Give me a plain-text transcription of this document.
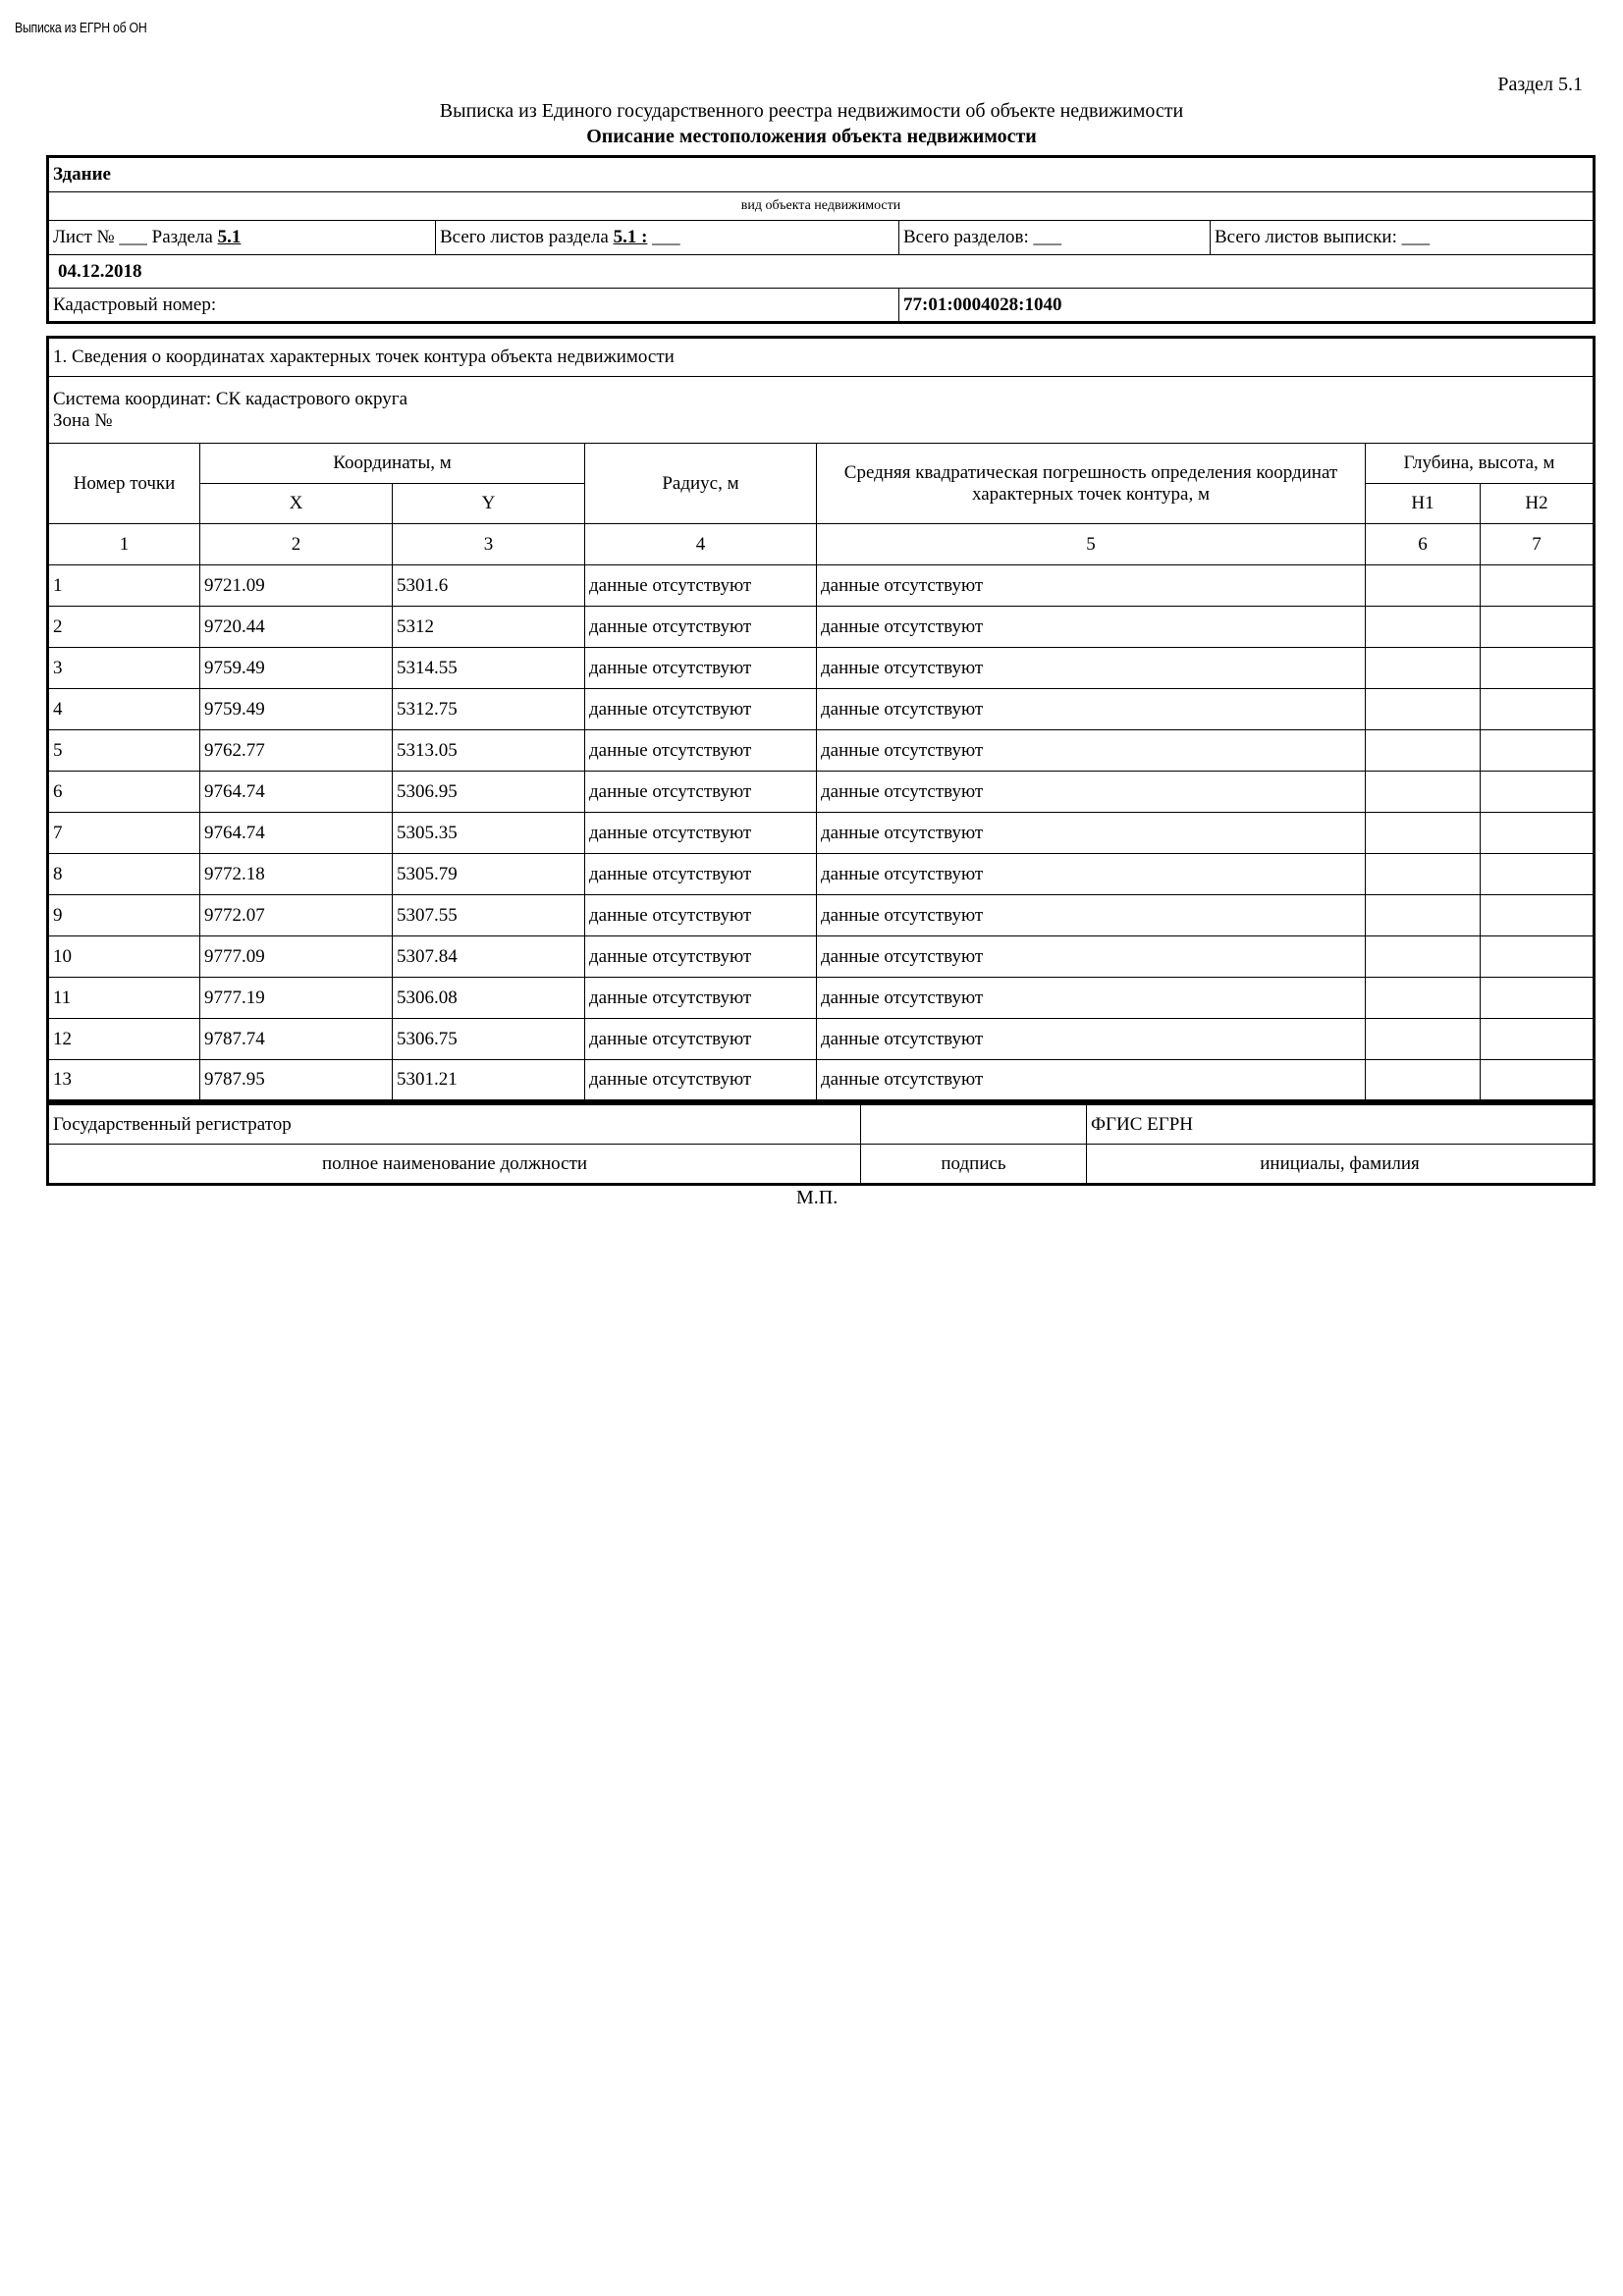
Выписка из ЕГРН об ОН
Раздел 5.1
Выписка из Единого государственного реестра недвижимости об объекте недвижимости
Описание местоположения объекта недвижимости
Здание			
вид объекта недвижимости			
Лист № ___ Раздела 5.1	Всего листов раздела 5.1 : ___	Всего разделов: ___	Всего листов выписки: ___
04.12.2018			
Кадастровый номер:		77:01:0004028:1040	
1. Сведения о координатах характерных точек контура объекта недвижимости						

Система координат: СК кадастрового округа
Зона №						

Номер точки	Координаты, м		Радиус, м	Средняя квадратическая погрешность определения координат характерных точек контура, м	Глубина, высота, м	
	X	Y			H1	H2
1	2	3	4	5	6	7
1	9721.09	5301.6	данные отсутствуют	данные отсутствуют		
2	9720.44	5312	данные отсутствуют	данные отсутствуют		
3	9759.49	5314.55	данные отсутствуют	данные отсутствуют		
4	9759.49	5312.75	данные отсутствуют	данные отсутствуют		
5	9762.77	5313.05	данные отсутствуют	данные отсутствуют		
6	9764.74	5306.95	данные отсутствуют	данные отсутствуют		
7	9764.74	5305.35	данные отсутствуют	данные отсутствуют		
8	9772.18	5305.79	данные отсутствуют	данные отсутствуют		
9	9772.07	5307.55	данные отсутствуют	данные отсутствуют		
10	9777.09	5307.84	данные отсутствуют	данные отсутствуют		
11	9777.19	5306.08	данные отсутствуют	данные отсутствуют		
12	9787.74	5306.75	данные отсутствуют	данные отсутствуют		
13	9787.95	5301.21	данные отсутствуют	данные отсутствуют		
Государственный регистратор		ФГИС ЕГРН
полное наименование должности	подпись	инициалы, фамилия
М.П.
